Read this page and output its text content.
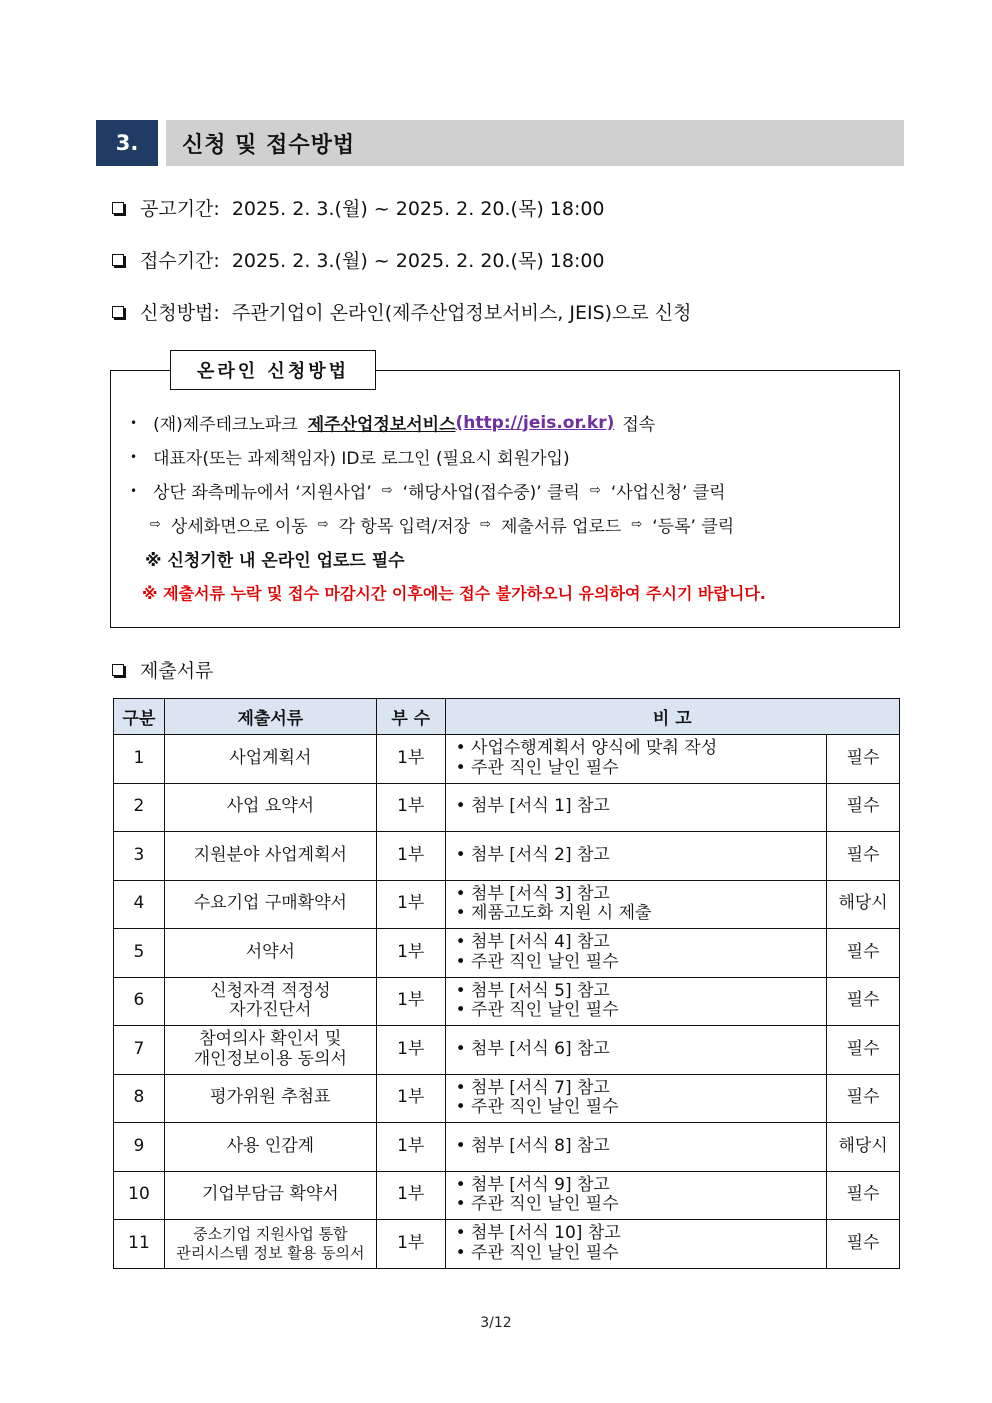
3.	신청 및 접수방법
공고기간: 2025. 2. 3.(월) ~ 2025. 2. 20.(목) 18:00
접수기간: 2025. 2. 3.(월) ~ 2025. 2. 20.(목) 18:00
신청방법: 주관기업이 온라인(제주산업정보서비스, JEIS)으로 신청
온라인 신청방법
• (재)제주테크노파크 제주산업정보서비스 (http://jeis.or.kr) 접속
• 대표자(또는 과제책임자) ID로 로그인 (필요시 회원가입)
• 상단 좌측메뉴에서 ‘지원사업’ ⇨ ‘해당사업(접수중)’ 클릭 ⇨ ‘사업신청’ 클릭
⇨ 상세화면으로 이동 ⇨ 각 항목 입력/저장 ⇨ 제출서류 업로드 ⇨ ‘등록’ 클릭
※ 신청기한 내 온라인 업로드 필수
※ 제출서류 누락 및 접수 마감시간 이후에는 접수 불가하오니 유의하여 주시기 바랍니다.
제출서류
구분	제출서류	부 수	비 고	
1	사업계획서	1부	• 사업수행계획서 양식에 맞춰 작성
• 주관 직인 날인 필수	필수
2	사업 요약서	1부	• 첨부 [서식 1] 참고	필수
3	지원분야 사업계획서	1부	• 첨부 [서식 2] 참고	필수
4	수요기업 구매확약서	1부	• 첨부 [서식 3] 참고
• 제품고도화 지원 시 제출	해당시
5	서약서	1부	• 첨부 [서식 4] 참고
• 주관 직인 날인 필수	필수
6	신청자격 적정성
자가진단서	1부	• 첨부 [서식 5] 참고
• 주관 직인 날인 필수	필수
7	참여의사 확인서 및
개인정보이용 동의서	1부	• 첨부 [서식 6] 참고	필수
8	평가위원 추첨표	1부	• 첨부 [서식 7] 참고
• 주관 직인 날인 필수	필수
9	사용 인감계	1부	• 첨부 [서식 8] 참고	해당시
10	기업부담금 확약서	1부	• 첨부 [서식 9] 참고
• 주관 직인 날인 필수	필수
11	중소기업 지원사업 통합
관리시스템 정보 활용 동의서	1부	• 첨부 [서식 10] 참고
• 주관 직인 날인 필수	필수
3/12
